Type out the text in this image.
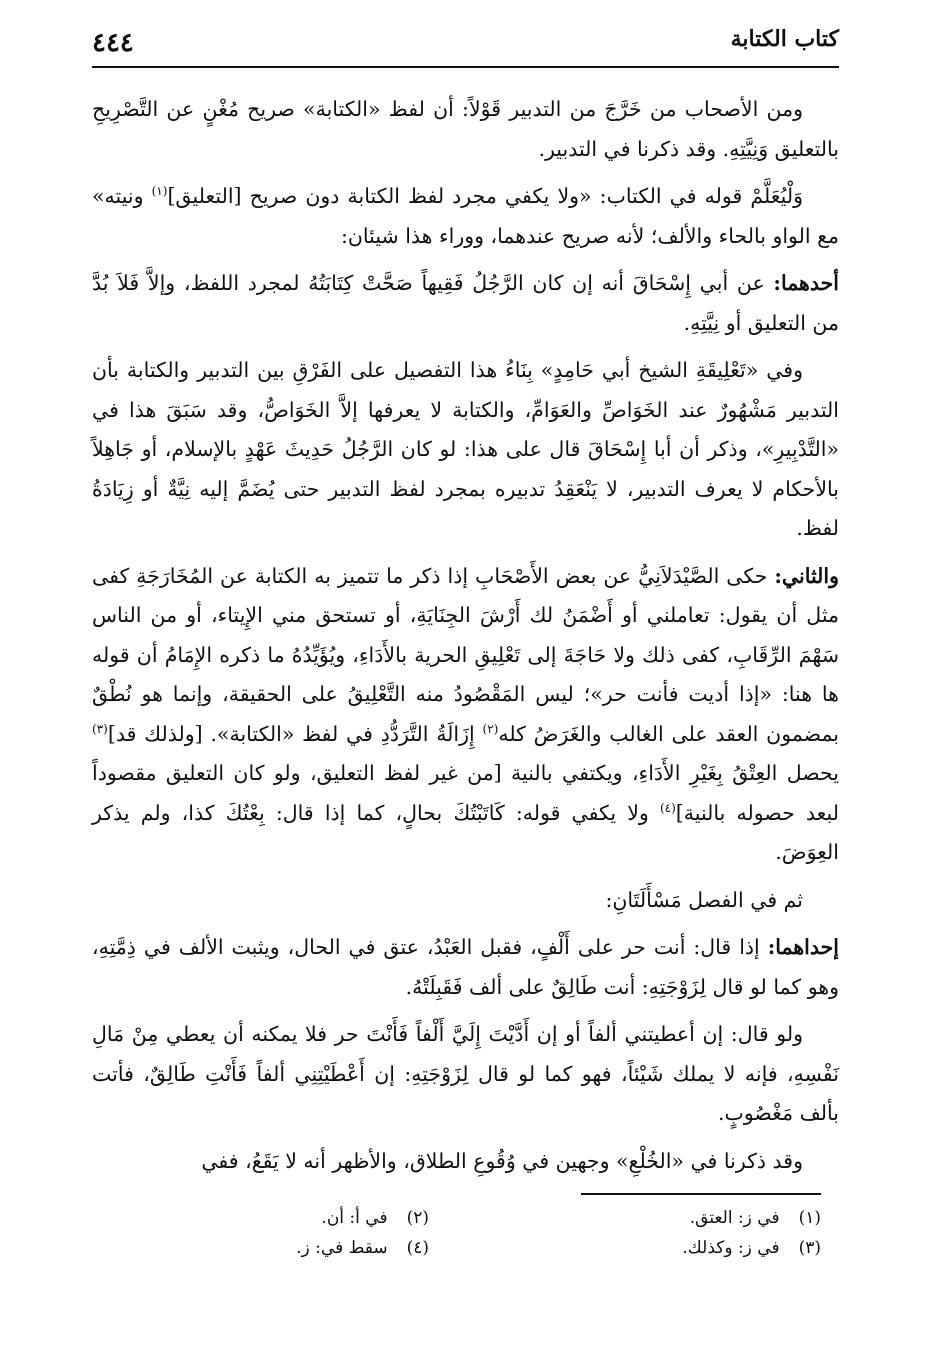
كتاب الكتابة
٤٤٤

ومن الأصحاب من خَرَّجَ من التدبير قَوْلاً: أن لفظ «الكتابة» صريح مُغْنٍ عن التَّصْرِيحِ بالتعليق وَنِيَّتِهِ. وقد ذكرنا في التدبير.

وَلْيُعَلَّمْ قوله في الكتاب: «ولا يكفي مجرد لفظ الكتابة دون صريح [التعليق]$^{(١)}$ ونيته» مع الواو بالحاء والألف؛ لأنه صريح عندهما، ووراء هذا شيئان:

أحدهما: عن أبي إِسْحَاقَ أنه إن كان الرَّجُلُ فَقِيهاً صَحَّتْ كِتَابَتُهُ لمجرد اللفظ، وإلاَّ فَلاَ بُدَّ من التعليق أو نِيَّتِهِ.

وفي «تَعْلِيقَةِ الشيخ أبي حَامِدٍ» بِنَاءُ هذا التفصيل على الفَرْقِ بين التدبير والكتابة بأن التدبير مَشْهُورٌ عند الخَوَاصِّ والعَوَامِّ، والكتابة لا يعرفها إلاَّ الخَوَاصُّ، وقد سَبَقَ هذا في «التَّدْبِيرِ»، وذكر أن أبا إِسْحَاقَ قال على هذا: لو كان الرَّجُلُ حَدِيثَ عَهْدٍ بالإسلام، أو جَاهِلاً بالأحكام لا يعرف التدبير، لا يَنْعَقِدُ تدبيره بمجرد لفظ التدبير حتى يُضَمَّ إليه نِيَّةٌ أو زِيَادَةُ لفظ.

والثاني: حكى الصَّيْدَلاَنِيُّ عن بعض الأَصْحَابِ إذا ذكر ما تتميز به الكتابة عن المُخَارَجَةِ كفى مثل أن يقول: تعاملني أو أَضْمَنُ لك أَرْشَ الجِنَايَةِ، أو تستحق مني الإِيتاء، أو من الناس سَهْمَ الرِّقَابِ، كفى ذلك ولا حَاجَةَ إلى تَعْلِيقِ الحرية بالأَدَاءِ، ويُؤَيِّدُهُ ما ذكره الإِمَامُ أن قوله ها هنا: «إذا أديت فأنت حر»؛ ليس المَقْصُودُ منه التَّعْلِيقُ على الحقيقة، وإنما هو نُطْقٌ بمضمون العقد على الغالب والغَرَضُ كله$^{(٢)}$ إِزَالَةُ التَّرَدُّدِ في لفظ «الكتابة». [ولذلك قد]$^{(٣)}$ يحصل العِتْقُ بِغَيْرِ الأَدَاءِ، ويكتفي بالنية [من غير لفظ التعليق، ولو كان التعليق مقصوداً لبعد حصوله بالنية]$^{(٤)}$ ولا يكفي قوله: كَاتَبْتُكَ بحالٍ، كما إذا قال: بِعْتُكَ كذا، ولم يذكر العِوَضَ.

ثم في الفصل مَسْأَلَتَانِ:

إحداهما: إذا قال: أنت حر على أَلْفٍ، فقبل العَبْدُ، عتق في الحال، ويثبت الألف في ذِمَّتِهِ، وهو كما لو قال لِزَوْجَتِهِ: أنت طَالِقٌ على ألف فَقَبِلَتْهُ.

ولو قال: إن أعطيتني ألفاً أو إن أَدَّيْتَ إِلَيَّ أَلْفاً فَأَنْتَ حر فلا يمكنه أن يعطي مِنْ مَالِ نَفْسِهِ، فإنه لا يملك شَيْئاً، فهو كما لو قال لِزَوْجَتِهِ: إن أَعْطَيْتِنِي ألفاً فَأَنْتِ طَالِقٌ، فأتت بألف مَغْصُوبٍ.

وقد ذكرنا في «الخُلْعِ» وجهين في وُقُوعِ الطلاق، والأظهر أنه لا يَقَعُ، ففي

(١) في ز: العتق.
(٢) في أ: أن.
(٣) في ز: وكذلك.
(٤) سقط في: ز.
